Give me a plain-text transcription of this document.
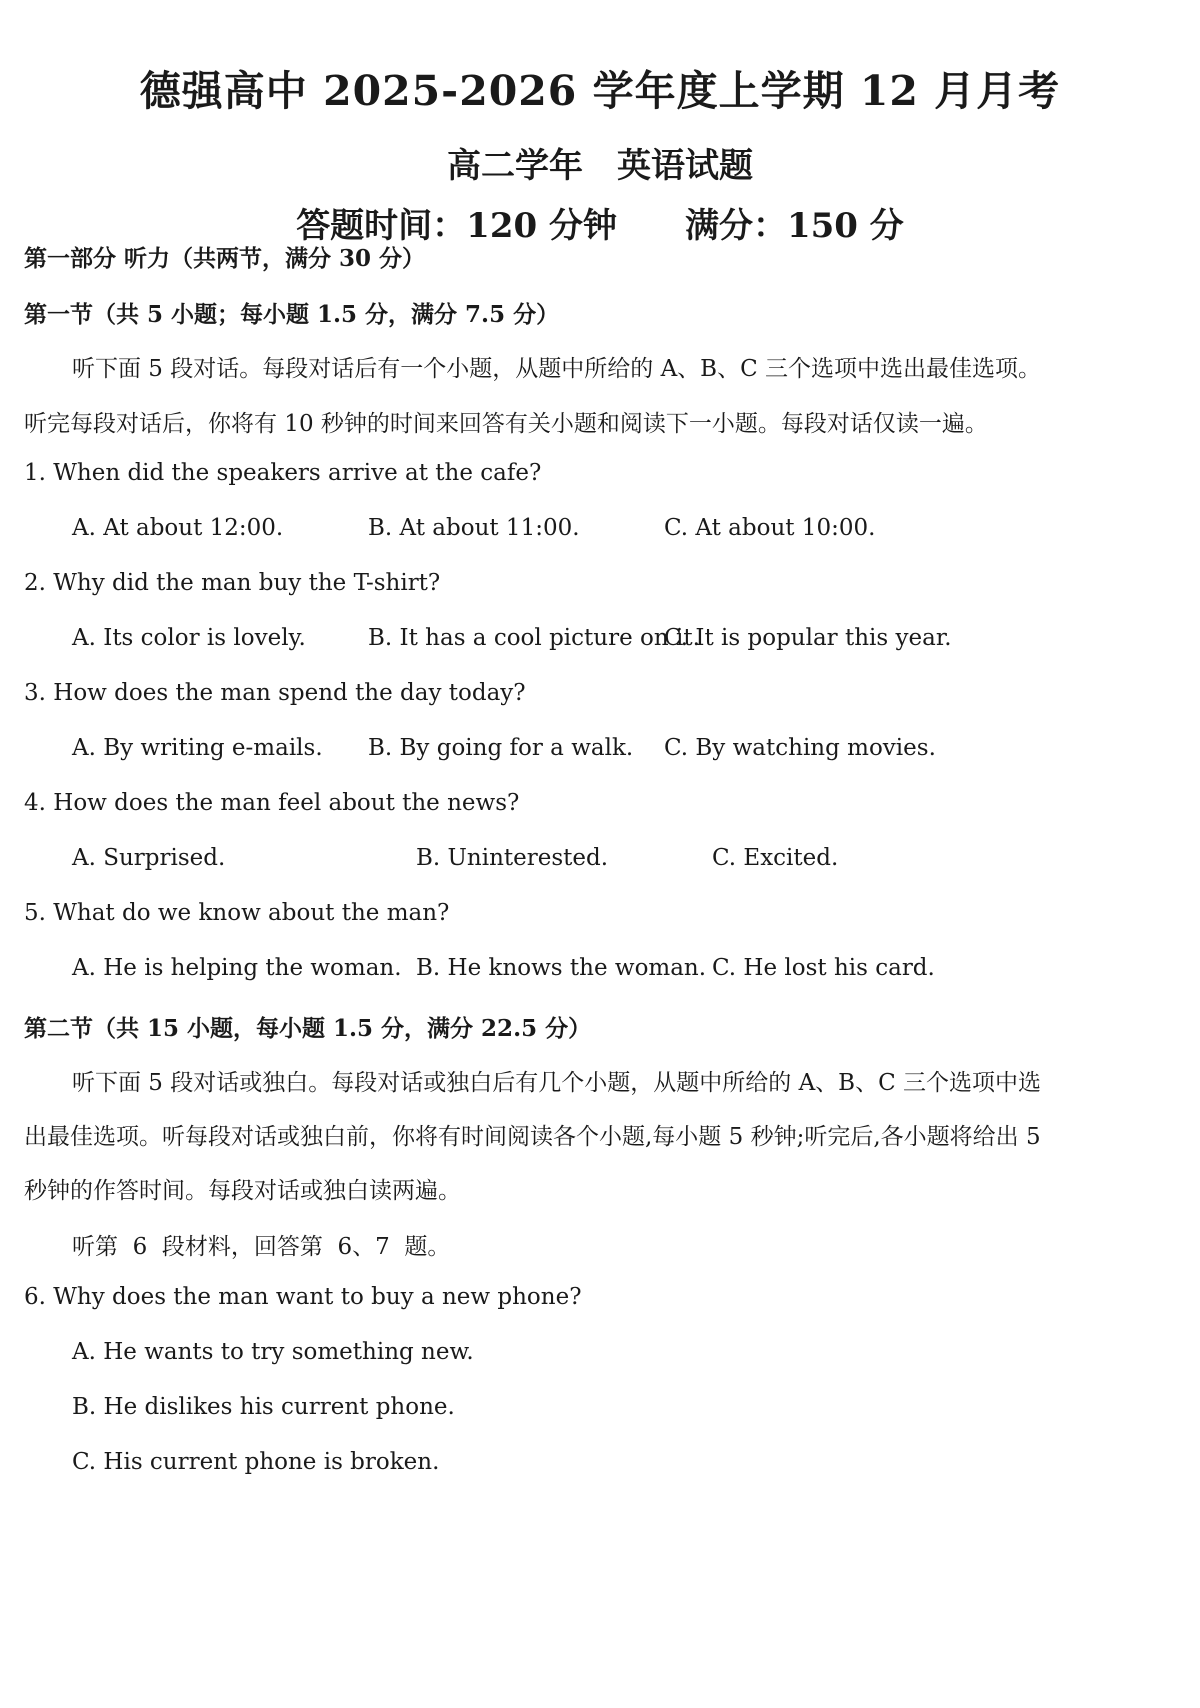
德强高中 2025-2026 学年度上学期 12 月月考
高二学年　英语试题
答题时间：120 分钟　　满分：150 分
第一部分 听力（共两节，满分 30 分）
第一节（共 5 小题；每小题 1.5 分，满分 7.5 分）
听下面 5 段对话。每段对话后有一个小题，从题中所给的 A、B、C 三个选项中选出最佳选项。
听完每段对话后，你将有 10 秒钟的时间来回答有关小题和阅读下一小题。每段对话仅读一遍。
1. When did the speakers arrive at the cafe?
A. At about 12:00.	B. At about 11:00.	C. At about 10:00.
2. Why did the man buy the T-shirt?
A. Its color is lovely.	B. It has a cool picture on it.
C. It is popular this year.
3. How does the man spend the day today?
A. By writing e-mails. B. By going for a walk. C. By watching movies.
4. How does the man feel about the news?
A. Surprised.	B. Uninterested.	C. Excited.
5. What do we know about the man?
A. He is helping the woman. B. He knows the woman. C. He lost his card.
第二节（共 15 小题，每小题 1.5 分，满分 22.5 分）
听下面 5 段对话或独白。每段对话或独白后有几个小题，从题中所给的 A、B、C 三个选项中选
出最佳选项。听每段对话或独白前，你将有时间阅读各个小题,每小题 5 秒钟;听完后,各小题将给出 5
秒钟的作答时间。每段对话或独白读两遍。
听第  6  段材料，回答第  6、7  题。
6. Why does the man want to buy a new phone?
A. He wants to try something new.
B. He dislikes his current phone.
C. His current phone is broken.
